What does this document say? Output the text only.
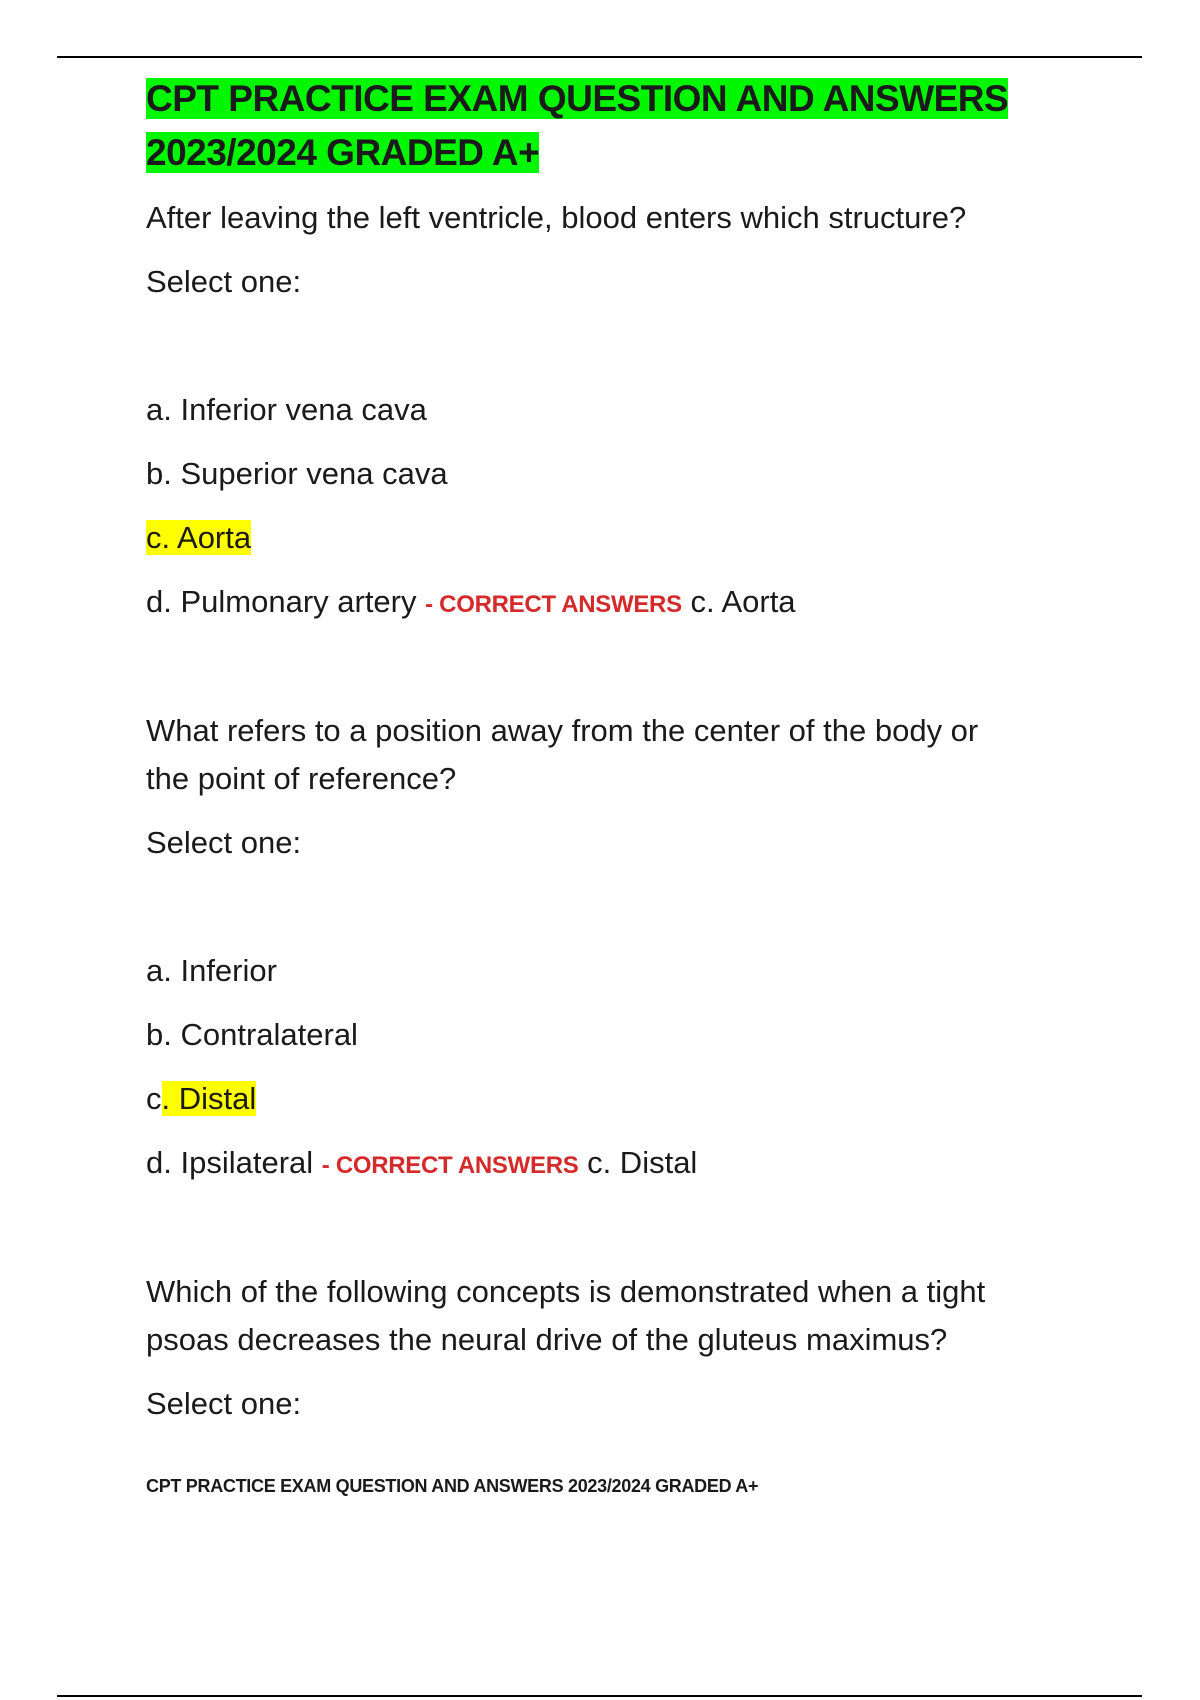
CPT PRACTICE EXAM QUESTION AND ANSWERS
2023/2024 GRADED A+

After leaving the left ventricle, blood enters which structure?

Select one:

a. Inferior vena cava

b. Superior vena cava

c. Aorta

d. Pulmonary artery - CORRECT ANSWERS c. Aorta

What refers to a position away from the center of the body or

the point of reference?

Select one:

a. Inferior

b. Contralateral

c. Distal

d. Ipsilateral - CORRECT ANSWERS c. Distal

Which of the following concepts is demonstrated when a tight

psoas decreases the neural drive of the gluteus maximus?

Select one:

CPT PRACTICE EXAM QUESTION AND ANSWERS 2023/2024 GRADED A+
